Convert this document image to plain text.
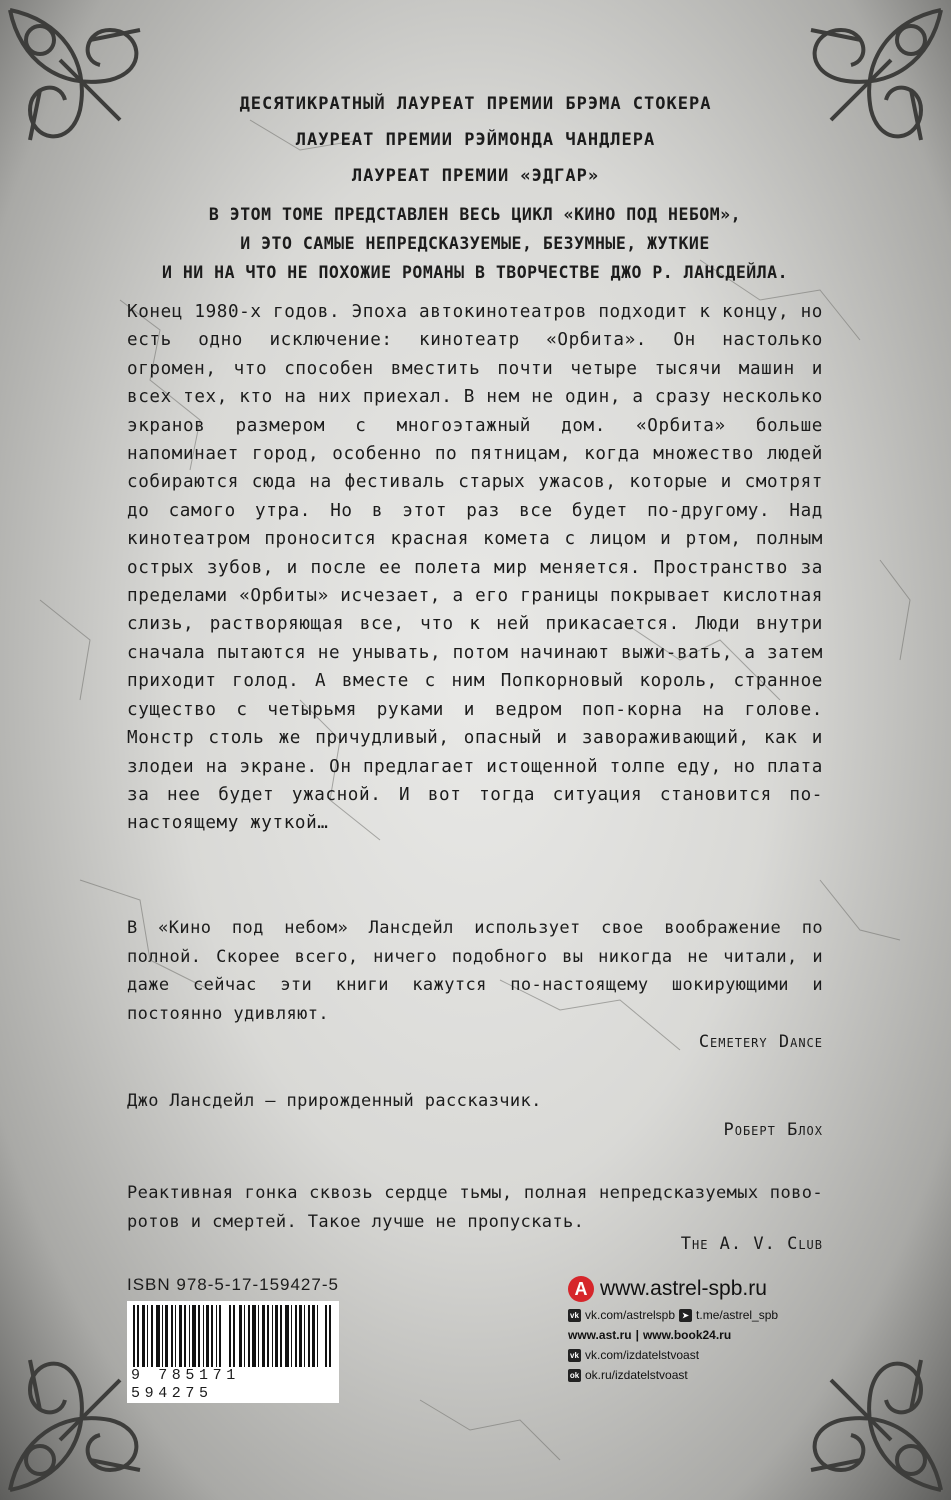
ДЕСЯТИКРАТНЫЙ ЛАУРЕАТ ПРЕМИИ БРЭМА СТОКЕРА
ЛАУРЕАТ ПРЕМИИ РЭЙМОНДА ЧАНДЛЕРА
ЛАУРЕАТ ПРЕМИИ «ЭДГАР»
В ЭТОМ ТОМЕ ПРЕДСТАВЛЕН ВЕСЬ ЦИКЛ «КИНО ПОД НЕБОМ»,
И ЭТО САМЫЕ НЕПРЕДСКАЗУЕМЫЕ, БЕЗУМНЫЕ, ЖУТКИЕ
И НИ НА ЧТО НЕ ПОХОЖИЕ РОМАНЫ В ТВОРЧЕСТВЕ ДЖО Р. ЛАНСДЕЙЛА.
Конец 1980-х годов. Эпоха автокинотеатров подходит к концу, но есть одно исключение: кинотеатр «Орбита». Он настолько огромен, что способен вместить почти четыре тысячи машин и всех тех, кто на них приехал. В нем не один, а сразу несколько экранов размером с многоэтажный дом. «Орбита» больше напоминает город, особенно по пятницам, когда множество людей собираются сюда на фестиваль старых ужасов, которые и смотрят до самого утра. Но в этот раз все будет по-другому. Над кинотеатром проносится красная комета с лицом и ртом, полным острых зубов, и после ее полета мир меняется. Пространство за пределами «Орбиты» исчезает, а его границы покрывает кислотная слизь, растворяющая все, что к ней прикасается. Люди внутри сначала пытаются не унывать, потом начинают выжи-вать, а затем приходит голод. А вместе с ним Попкорновый король, странное существо с четырьмя руками и ведром поп-корна на голове. Монстр столь же причудливый, опасный и завораживающий, как и злодеи на экране. Он предлагает истощенной толпе еду, но плата за нее будет ужасной. И вот тогда ситуация становится по-настоящему жуткой…
В «Кино под небом» Лансдейл использует свое воображение по полной. Скорее всего, ничего подобного вы никогда не читали, и даже сейчас эти книги кажутся по-настоящему шокирующими и постоянно удивляют.
Cemetery Dance
Джо Лансдейл — прирожденный рассказчик.
Роберт Блох
Реактивная гонка сквозь сердце тьмы, полная непредсказуемых пово-ротов и смертей. Такое лучше не пропускать.
The A. V. Club
ISBN 978-5-17-159427-5
9 785171 594275
А www.astrel-spb.ru
vk vk.com/astrelspb ➤ t.me/astrel_spb
www.ast.ru | www.book24.ru
vk vk.com/izdatelstvoast
ok ok.ru/izdatelstvoast
